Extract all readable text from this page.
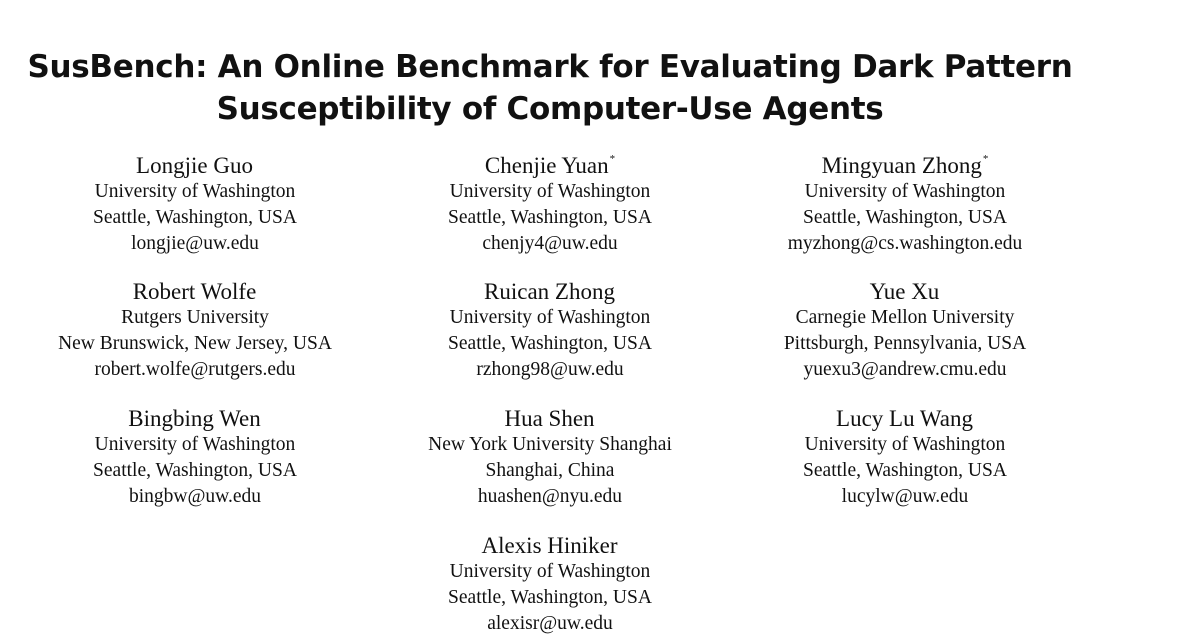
SusBench: An Online Benchmark for Evaluating Dark Pattern
Susceptibility of Computer-Use Agents
Longjie Guo
University of Washington
Seattle, Washington, USA
longjie@uw.edu
Chenjie Yuan*
University of Washington
Seattle, Washington, USA
chenjy4@uw.edu
Mingyuan Zhong*
University of Washington
Seattle, Washington, USA
myzhong@cs.washington.edu
Robert Wolfe
Rutgers University
New Brunswick, New Jersey, USA
robert.wolfe@rutgers.edu
Ruican Zhong
University of Washington
Seattle, Washington, USA
rzhong98@uw.edu
Yue Xu
Carnegie Mellon University
Pittsburgh, Pennsylvania, USA
yuexu3@andrew.cmu.edu
Bingbing Wen
University of Washington
Seattle, Washington, USA
bingbw@uw.edu
Hua Shen
New York University Shanghai
Shanghai, China
huashen@nyu.edu
Lucy Lu Wang
University of Washington
Seattle, Washington, USA
lucylw@uw.edu
Alexis Hiniker
University of Washington
Seattle, Washington, USA
alexisr@uw.edu
